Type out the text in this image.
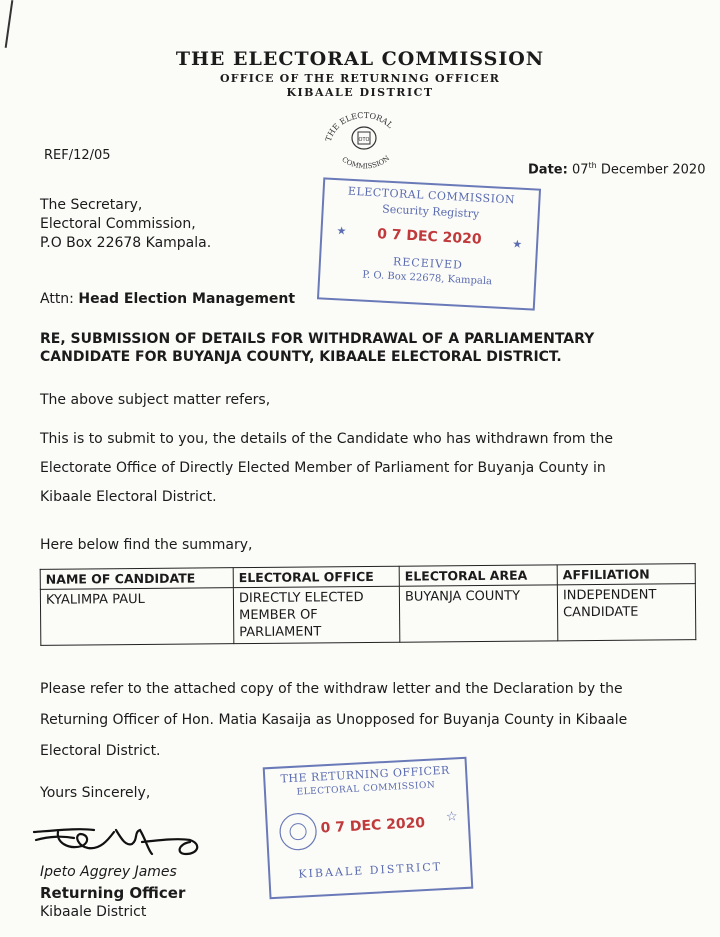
THE ELECTORAL COMMISSION
OFFICE OF THE RETURNING OFFICER
KIBAALE DISTRICT
THE ELECTORAL
COMMISSION
OTO
REF/12/05
Date: 07th December 2020
The Secretary,
Electoral Commission,
P.O Box 22678 Kampala.
Attn: Head Election Management
RE, SUBMISSION OF DETAILS FOR WITHDRAWAL OF A PARLIAMENTARY
CANDIDATE FOR BUYANJA COUNTY, KIBAALE ELECTORAL DISTRICT.
The above subject matter refers,
This is to submit to you, the details of the Candidate who has withdrawn from the
Electorate Office of Directly Elected Member of Parliament for Buyanja County in
Kibaale Electoral District.
Here below find the summary,
NAME OF CANDIDATE	ELECTORAL OFFICE	ELECTORAL AREA	AFFILIATION
KYALIMPA PAUL	DIRECTLY ELECTED
MEMBER OF
PARLIAMENT	BUYANJA COUNTY	INDEPENDENT
CANDIDATE
Please refer to the attached copy of the withdraw letter and the Declaration by the
Returning Officer of Hon. Matia Kasaija as Unopposed for Buyanja County in Kibaale
Electoral District.
Yours Sincerely,
Ipeto Aggrey James
Returning Officer
Kibaale District
ELECTORAL COMMISSION
Security Registry
★	0 7 DEC 2020	★
RECEIVED
P. O. Box 22678, Kampala
THE RETURNING OFFICER
ELECTORAL COMMISSION
0 7 DEC 2020	☆
KIBAALE DISTRICT
